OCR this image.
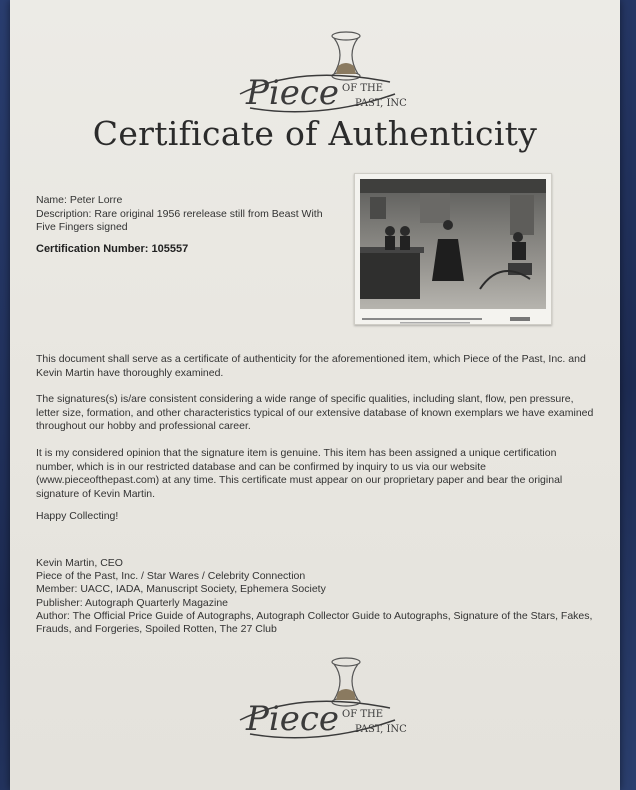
Piece OF THE
PAST, INC
Certificate of Authenticity
Name: Peter Lorre
Description: Rare original 1956 rerelease still from Beast With Five Fingers signed
Certification Number: 105557
This document shall serve as a certificate of authenticity for the aforementioned item, which Piece of the Past, Inc. and Kevin Martin have thoroughly examined.
The signatures(s) is/are consistent considering a wide range of specific qualities, including slant, flow, pen pressure, letter size, formation, and other characteristics typical of our extensive database of known exemplars we have examined throughout our hobby and professional career.
It is my considered opinion that the signature item is genuine. This item has been assigned a unique certification number, which is in our restricted database and can be confirmed by inquiry to us via our website (www.pieceofthepast.com) at any time. This certificate must appear on our proprietary paper and bear the original signature of Kevin Martin.
Happy Collecting!
Kevin Martin, CEO
Piece of the Past, Inc. / Star Wares / Celebrity Connection
Member: UACC, IADA, Manuscript Society, Ephemera Society
Publisher: Autograph Quarterly Magazine
Author: The Official Price Guide of Autographs, Autograph Collector Guide to Autographs, Signature of the Stars, Fakes, Frauds, and Forgeries, Spoiled Rotten, The 27 Club
Piece OF THE
PAST, INC
